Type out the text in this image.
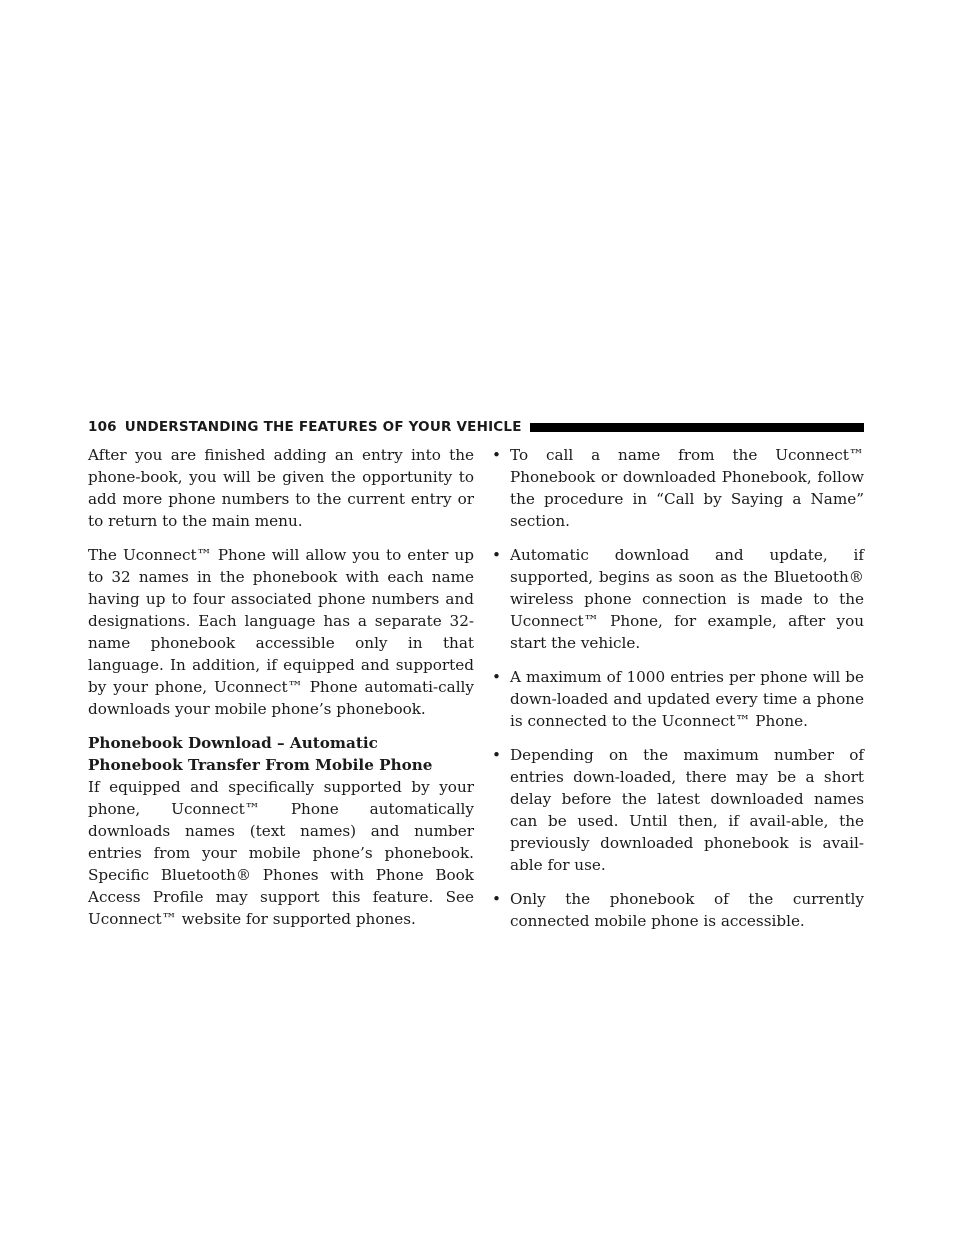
106 UNDERSTANDING THE FEATURES OF YOUR VEHICLE

After you are finished adding an entry into the phone-book, you will be given the opportunity to add more phone numbers to the current entry or to return to the main menu.

The Uconnect™ Phone will allow you to enter up to 32 names in the phonebook with each name having up to four associated phone numbers and designations. Each language has a separate 32-name phonebook accessible only in that language. In addition, if equipped and supported by your phone, Uconnect™ Phone automati-cally downloads your mobile phone’s phonebook.

Phonebook Download – Automatic Phonebook Transfer From Mobile Phone

If equipped and specifically supported by your phone, Uconnect™ Phone automatically downloads names (text names) and number entries from your mobile phone’s phonebook. Specific Bluetooth® Phones with Phone Book Access Profile may support this feature. See Uconnect™ website for supported phones.

• To call a name from the Uconnect™ Phonebook or downloaded Phonebook, follow the procedure in “Call by Saying a Name” section.
• Automatic download and update, if supported, begins as soon as the Bluetooth® wireless phone connection is made to the Uconnect™ Phone, for example, after you start the vehicle.
• A maximum of 1000 entries per phone will be down-loaded and updated every time a phone is connected to the Uconnect™ Phone.
• Depending on the maximum number of entries down-loaded, there may be a short delay before the latest downloaded names can be used. Until then, if avail-able, the previously downloaded phonebook is avail-able for use.
• Only the phonebook of the currently connected mobile phone is accessible.
